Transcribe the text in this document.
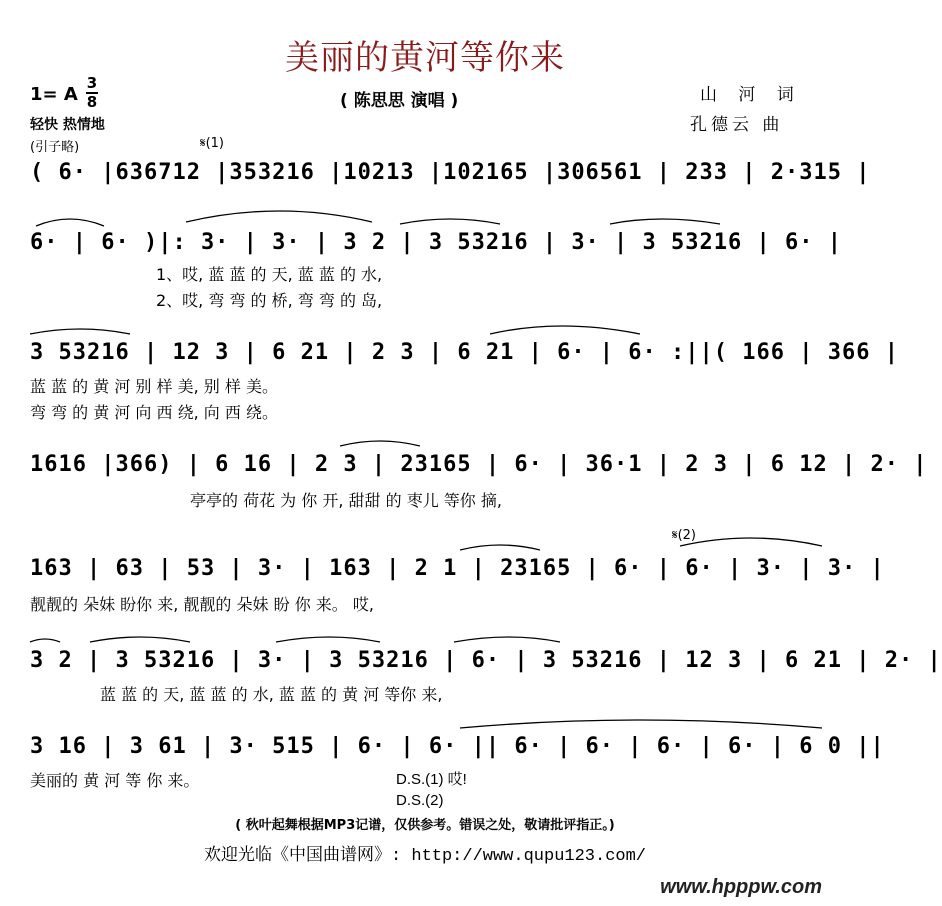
美丽的黄河等你来
( 陈思思 演唱 )
1= A
3
8
轻快 热情地
(引子略)
山 河 词
孔德云 曲
𝄋(1)
𝄋(2)
( 6· |636712 |353216 |10213 |102165 |306561 | 233 | 2·315 |
6· | 6· )|: 3· | 3· | 3 2 | 3 53216 | 3· | 3 53216 | 6· |
1、哎, 蓝 蓝 的 天, 蓝 蓝 的 水,
2、哎, 弯 弯 的 桥, 弯 弯 的 岛,
3 53216 | 12 3 | 6 21 | 2 3 | 6 21 | 6· | 6· :||( 166 | 366 |
蓝 蓝 的 黄 河 别 样 美, 别 样 美。
弯 弯 的 黄 河 向 西 绕, 向 西 绕。
1616 |366) | 6 16 | 2 3 | 23165 | 6· | 36·1 | 2 3 | 6 12 | 2· |
亭亭的 荷花 为 你 开, 甜甜 的 枣儿 等你 摘,
163 | 63 | 53 | 3· | 163 | 2 1 | 23165 | 6· | 6· | 3· | 3· |
靓靓的 朵妹 盼你 来, 靓靓的 朵妹 盼 你 来。 哎,
3 2 | 3 53216 | 3· | 3 53216 | 6· | 3 53216 | 12 3 | 6 21 | 2· |
蓝 蓝 的 天, 蓝 蓝 的 水, 蓝 蓝 的 黄 河 等你 来,
3 16 | 3 61 | 3· 515 | 6· | 6· || 6· | 6· | 6· | 6· | 6 0 ||
美丽的 黄 河 等 你 来。	D.S.(1) 哎!
D.S.(2)
( 秋叶起舞根据MP3记谱，仅供参考。错误之处，敬请批评指正。)
欢迎光临《中国曲谱网》: http://www.qupu123.com/
www.hpppw.com
